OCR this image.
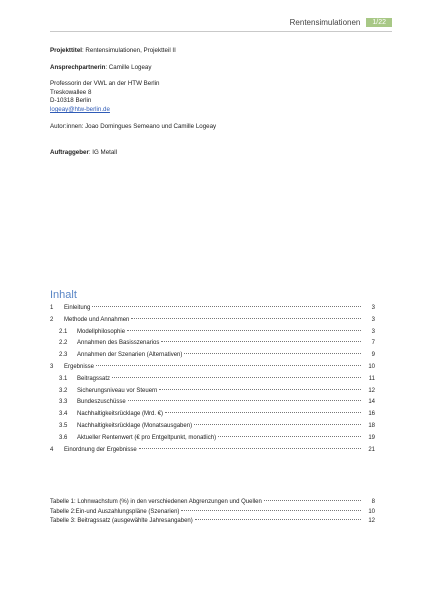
Rentensimulationen	1/22

Projekttitel: Rentensimulationen, Projektteil II

Ansprechpartnerin: Camille Logeay

Professorin der VWL an der HTW Berlin

Treskowallee 8

D-10318 Berlin

logeay@htw-berlin.de

Autor:innen: Joao Domingues Semeano und Camille Logeay

Auftraggeber: IG Metall

Inhalt
1	Einleitung	3
2	Methode und Annahmen	3
2.1	Modellphilosophie	3
2.2	Annahmen des Basisszenarios	7
2.3	Annahmen der Szenarien (Alternativen)	9
3	Ergebnisse	10
3.1	Beitragssatz	11
3.2	Sicherungsniveau vor Steuern	12
3.3	Bundeszuschüsse	14
3.4	Nachhaltigkeitsrücklage (Mrd. €)	16
3.5	Nachhaltigkeitsrücklage (Monatsausgaben)	18
3.6	Aktueller Rentenwert (€ pro Entgeltpunkt, monatlich)	19
4	Einordnung der Ergebnisse	21
Tabelle 1: Lohnwachstum (%) in den verschiedenen Abgrenzungen und Quellen	8
Tabelle 2:Ein-und Auszahlungspläne (Szenarien)	10
Tabelle 3: Beitragssatz (ausgewählte Jahresangaben)	12
